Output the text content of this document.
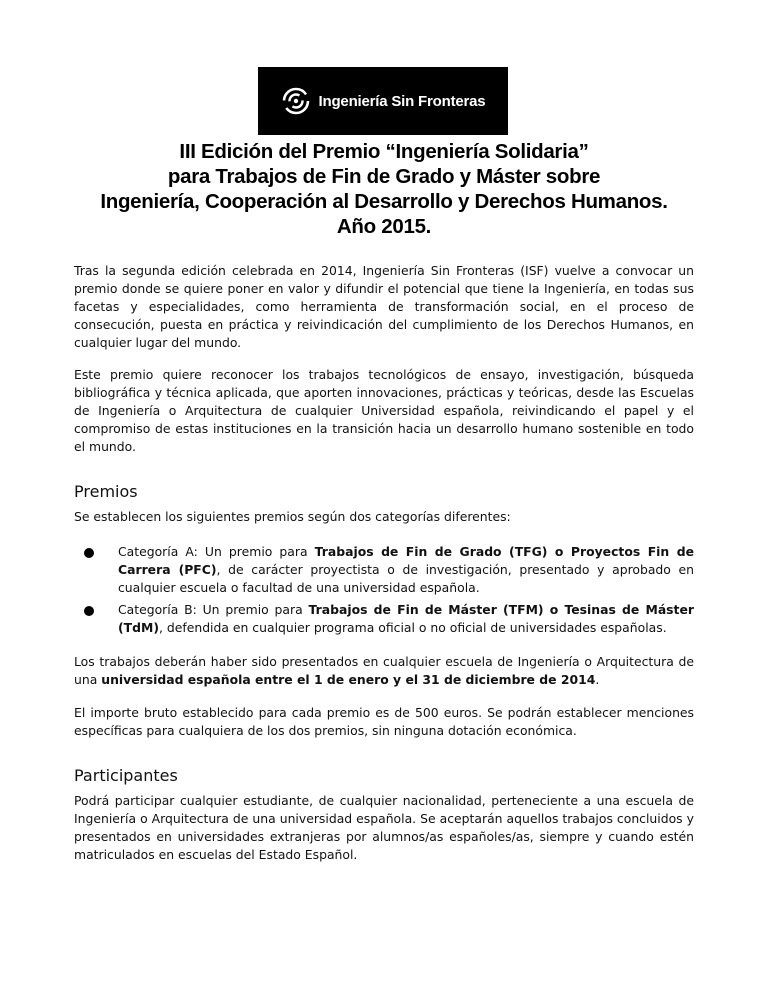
Ingeniería Sin Fronteras
III Edición del Premio “Ingeniería Solidaria”
para Trabajos de Fin de Grado y Máster sobre
Ingeniería, Cooperación al Desarrollo y Derechos Humanos.
Año 2015.

Tras la segunda edición celebrada en 2014, Ingeniería Sin Fronteras (ISF) vuelve a convocar un premio donde se quiere poner en valor y difundir el potencial que tiene la Ingeniería, en todas sus facetas y especialidades, como herramienta de transformación social, en el proceso de consecución, puesta en práctica y reivindicación del cumplimiento de los Derechos Humanos, en cualquier lugar del mundo.

Este premio quiere reconocer los trabajos tecnológicos de ensayo, investigación, búsqueda bibliográfica y técnica aplicada, que aporten innovaciones, prácticas y teóricas, desde las Escuelas de Ingeniería o Arquitectura de cualquier Universidad española, reivindicando el papel y el compromiso de estas instituciones en la transición hacia un desarrollo humano sostenible en todo el mundo.

Premios

Se establecen los siguientes premios según dos categorías diferentes:

Categoría A: Un premio para Trabajos de Fin de Grado (TFG) o Proyectos Fin de Carrera (PFC), de carácter proyectista o de investigación, presentado y aprobado en cualquier escuela o facultad de una universidad española.
Categoría B: Un premio para Trabajos de Fin de Máster (TFM) o Tesinas de Máster (TdM), defendida en cualquier programa oficial o no oficial de universidades españolas.

Los trabajos deberán haber sido presentados en cualquier escuela de Ingeniería o Arquitectura de una universidad española entre el 1 de enero y el 31 de diciembre de 2014.

El importe bruto establecido para cada premio es de 500 euros. Se podrán establecer menciones específicas para cualquiera de los dos premios, sin ninguna dotación económica.

Participantes

Podrá participar cualquier estudiante, de cualquier nacionalidad, perteneciente a una escuela de Ingeniería o Arquitectura de una universidad española. Se aceptarán aquellos trabajos concluidos y presentados en universidades extranjeras por alumnos/as españoles/as, siempre y cuando estén matriculados en escuelas del Estado Español.
